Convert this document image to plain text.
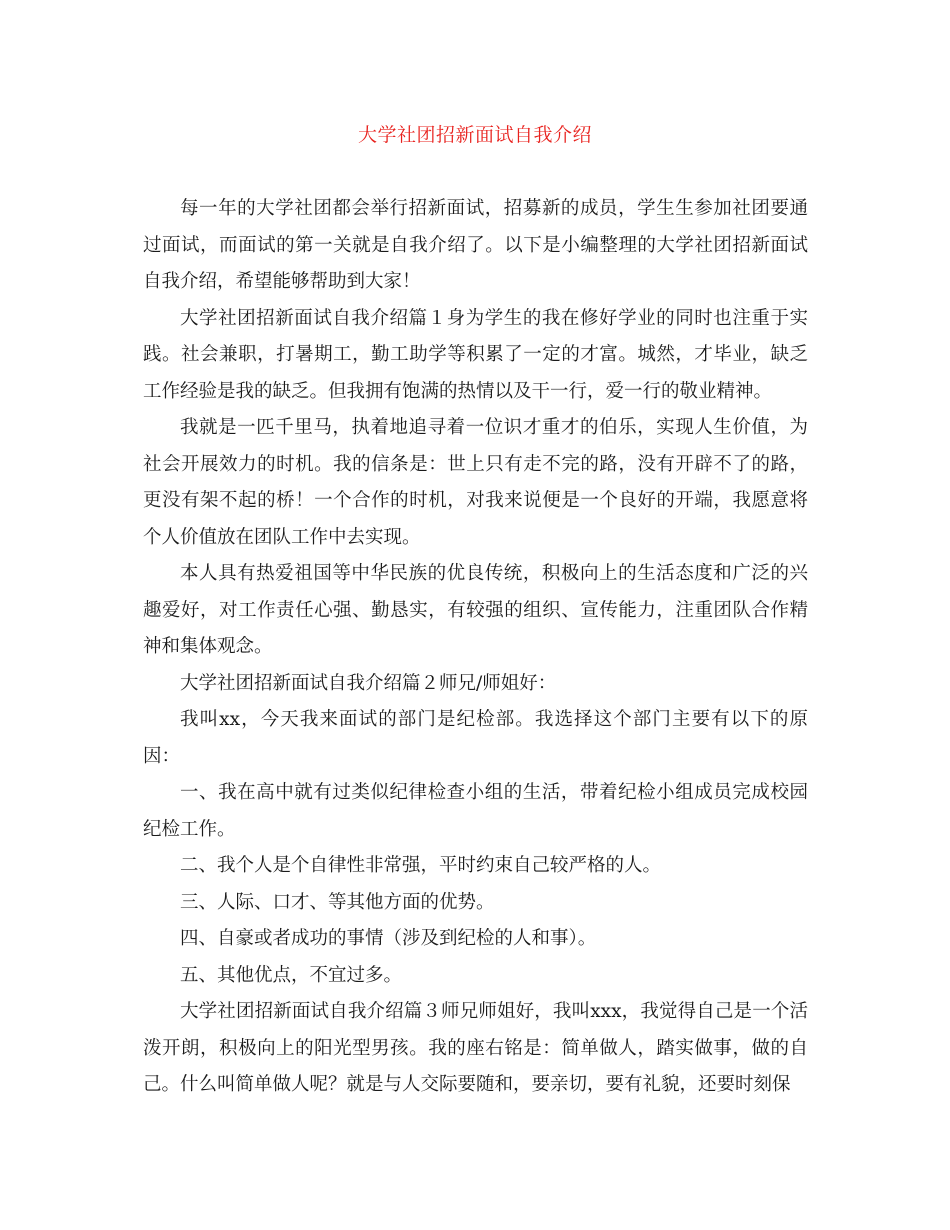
大学社团招新面试自我介绍

每一年的大学社团都会举行招新面试，招募新的成员，学生生参加社团要通过面试，而面试的第一关就是自我介绍了。以下是小编整理的大学社团招新面试自我介绍，希望能够帮助到大家！

大学社团招新面试自我介绍篇１身为学生的我在修好学业的同时也注重于实践。社会兼职，打暑期工，勤工助学等积累了一定的才富。城然，才毕业，缺乏工作经验是我的缺乏。但我拥有饱满的热情以及干一行，爱一行的敬业精神。

我就是一匹千里马，执着地追寻着一位识才重才的伯乐，实现人生价值，为社会开展效力的时机。我的信条是：世上只有走不完的路，没有开辟不了的路，更没有架不起的桥！一个合作的时机，对我来说便是一个良好的开端，我愿意将个人价值放在团队工作中去实现。

本人具有热爱祖国等中华民族的优良传统，积极向上的生活态度和广泛的兴趣爱好，对工作责任心强、勤恳实，有较强的组织、宣传能力，注重团队合作精神和集体观念。

大学社团招新面试自我介绍篇２师兄/师姐好：

我叫xx，今天我来面试的部门是纪检部。我选择这个部门主要有以下的原因：

一、我在高中就有过类似纪律检查小组的生活，带着纪检小组成员完成校园纪检工作。

二、我个人是个自律性非常强，平时约束自己较严格的人。

三、人际、口才、等其他方面的优势。

四、自豪或者成功的事情（涉及到纪检的人和事）。

五、其他优点，不宜过多。

大学社团招新面试自我介绍篇３师兄师姐好，我叫xxx，我觉得自己是一个活泼开朗，积极向上的阳光型男孩。我的座右铭是：简单做人，踏实做事，做的自己。什么叫简单做人呢？就是与人交际要随和，要亲切，要有礼貌，还要时刻保
